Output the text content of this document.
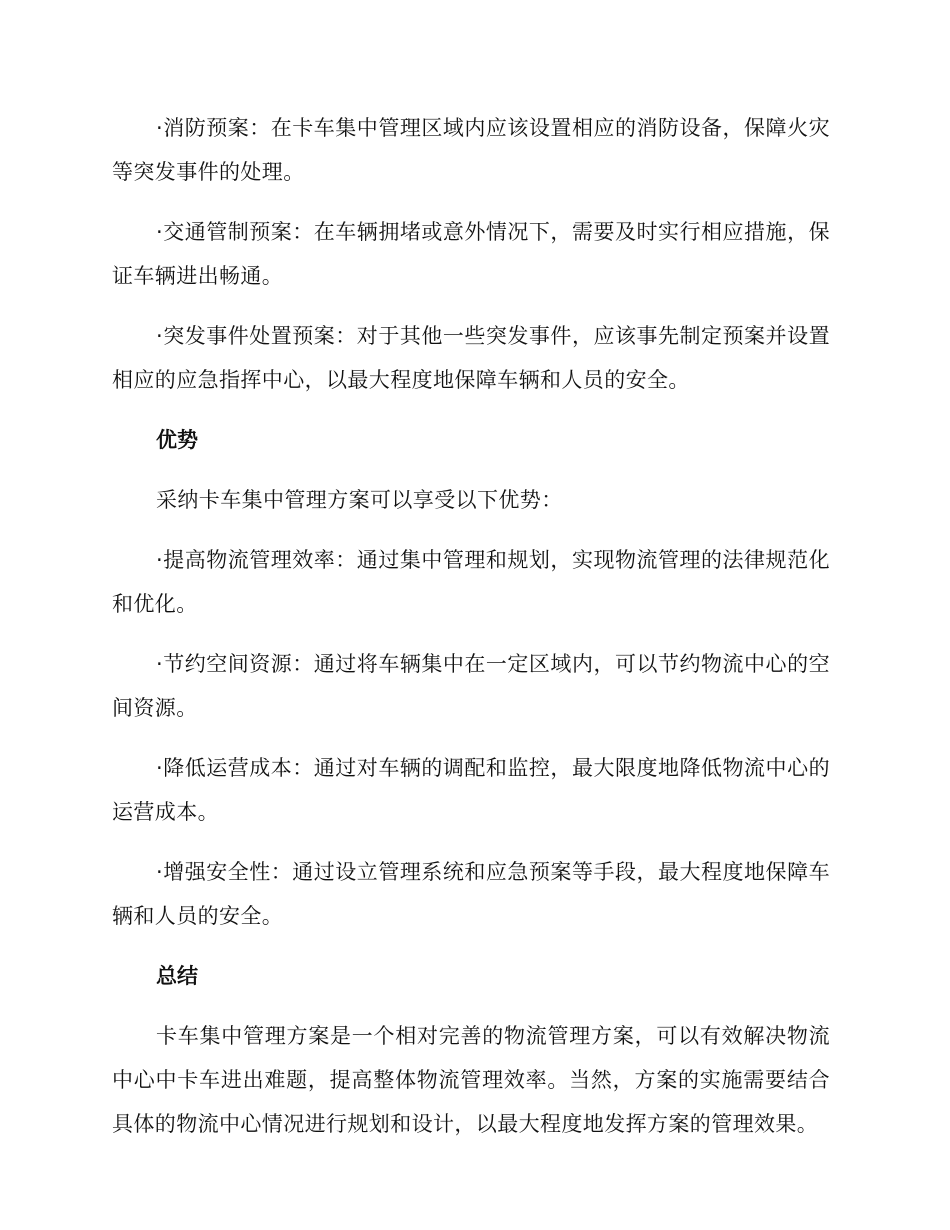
·消防预案：在卡车集中管理区域内应该设置相应的消防设备，保障火灾等突发事件的处理。

·交通管制预案：在车辆拥堵或意外情况下，需要及时实行相应措施，保证车辆进出畅通。

·突发事件处置预案：对于其他一些突发事件，应该事先制定预案并设置相应的应急指挥中心，以最大程度地保障车辆和人员的安全。

优势

采纳卡车集中管理方案可以享受以下优势：

·提高物流管理效率：通过集中管理和规划，实现物流管理的法律规范化和优化。

·节约空间资源：通过将车辆集中在一定区域内，可以节约物流中心的空间资源。

·降低运营成本：通过对车辆的调配和监控，最大限度地降低物流中心的运营成本。

·增强安全性：通过设立管理系统和应急预案等手段，最大程度地保障车辆和人员的安全。

总结

卡车集中管理方案是一个相对完善的物流管理方案，可以有效解决物流中心中卡车进出难题，提高整体物流管理效率。当然，方案的实施需要结合具体的物流中心情况进行规划和设计，以最大程度地发挥方案的管理效果。
